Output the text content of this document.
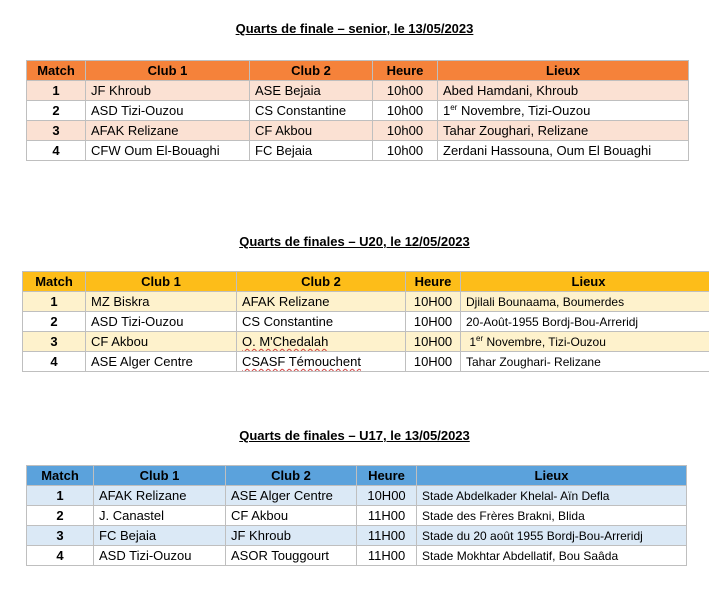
Quarts de finale – senior, le 13/05/2023
Match	Club 1	Club 2	Heure	Lieux
1	JF Khroub	ASE Bejaia	10h00	Abed Hamdani, Khroub
2	ASD Tizi-Ouzou	CS Constantine	10h00	1er Novembre, Tizi-Ouzou
3	AFAK Relizane	CF Akbou	10h00	Tahar Zoughari, Relizane
4	CFW Oum El-Bouaghi	FC Bejaia	10h00	Zerdani Hassouna, Oum El Bouaghi
Quarts de finales – U20, le 12/05/2023
Match	Club 1	Club 2	Heure	Lieux
1	MZ Biskra	AFAK Relizane	10H00	Djilali Bounaama, Boumerdes
2	ASD Tizi-Ouzou	CS Constantine	10H00	20-Août-1955 Bordj-Bou-Arreridj
3	CF Akbou	O. M'Chedalah	10H00	1er Novembre, Tizi-Ouzou
4	ASE Alger Centre	CSASF Témouchent	10H00	Tahar Zoughari- Relizane
Quarts de finales – U17, le 13/05/2023
Match	Club 1	Club 2	Heure	Lieux
1	AFAK Relizane	ASE Alger Centre	10H00	Stade Abdelkader Khelal- Aïn Defla
2	J. Canastel	CF Akbou	11H00	Stade des Frères Brakni, Blida
3	FC Bejaia	JF Khroub	11H00	Stade du 20 août 1955 Bordj-Bou-Arreridj
4	ASD Tizi-Ouzou	ASOR Touggourt	11H00	Stade Mokhtar Abdellatif, Bou Saâda
